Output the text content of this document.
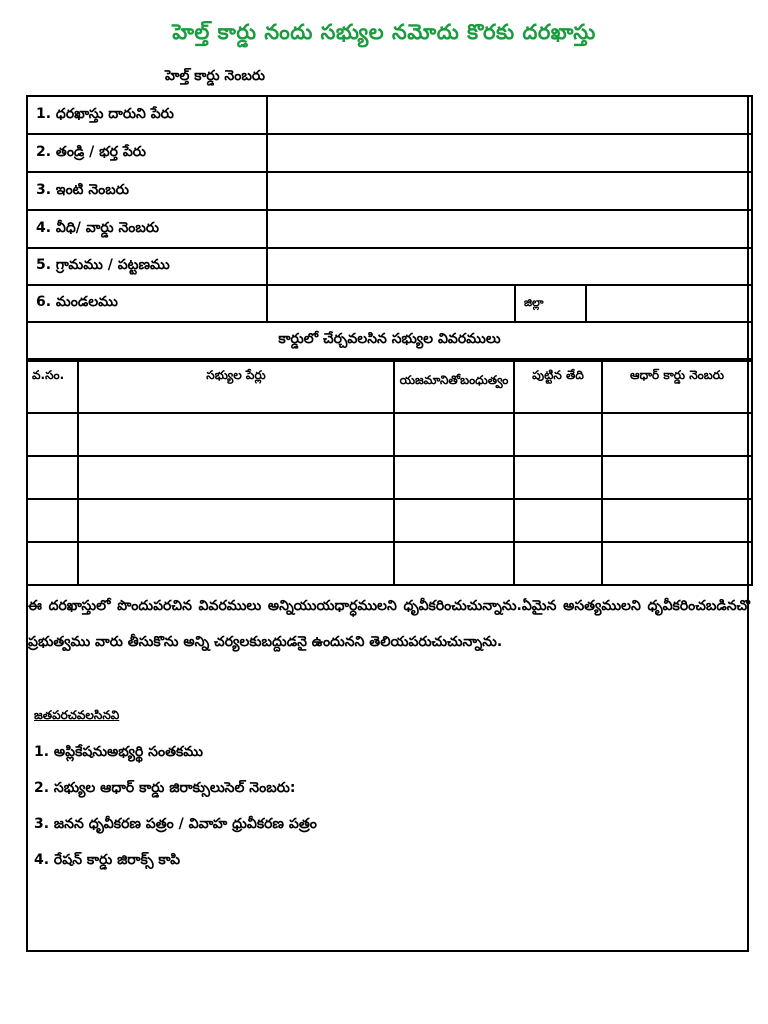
హెల్త్ కార్డు నందు సభ్యుల నమోదు కొరకు దరఖాస్తు
హెల్త్ కార్డు నెంబరు
1. ధరఖాస్తు దారుని పేరు			
2. తండ్రి / భర్త పేరు			
3. ఇంటి నెంబరు			
4. వీధి/ వార్డు నెంబరు			
5. గ్రామము / పట్టణము			
6. మండలము		జిల్లా	
కార్డులో చేర్చవలసిన సభ్యుల వివరములు			
వ.సం.	సభ్యుల పేర్లు	యజమానితోబంధుత్వం	పుట్టిన తేది	ఆధార్ కార్డు నెంబరు

ఈ దరఖాస్తులో పొందుపరచిన వివరములు అన్నియుయధార్ధములని ధృవీకరించుచున్నాను.ఏమైన అసత్యములని ధృవీకరించబడినచొ ప్రభుత్వము వారు తీసుకొను అన్ని చర్యలకుబద్దుడనై ఉందునని తెలియపరుచుచున్నాను.
జతపరచవలసినవి
1. అప్లికేషనుఅభ్యర్థి సంతకము
2. సభ్యుల ఆధార్ కార్డు జిరాక్సులుసెల్ నెంబరు:
3. జనన ధృవీకరణ పత్రం / వివాహ ధ్రువీకరణ పత్రం
4. రేషన్ కార్డు జిరాక్స్ కాపి
